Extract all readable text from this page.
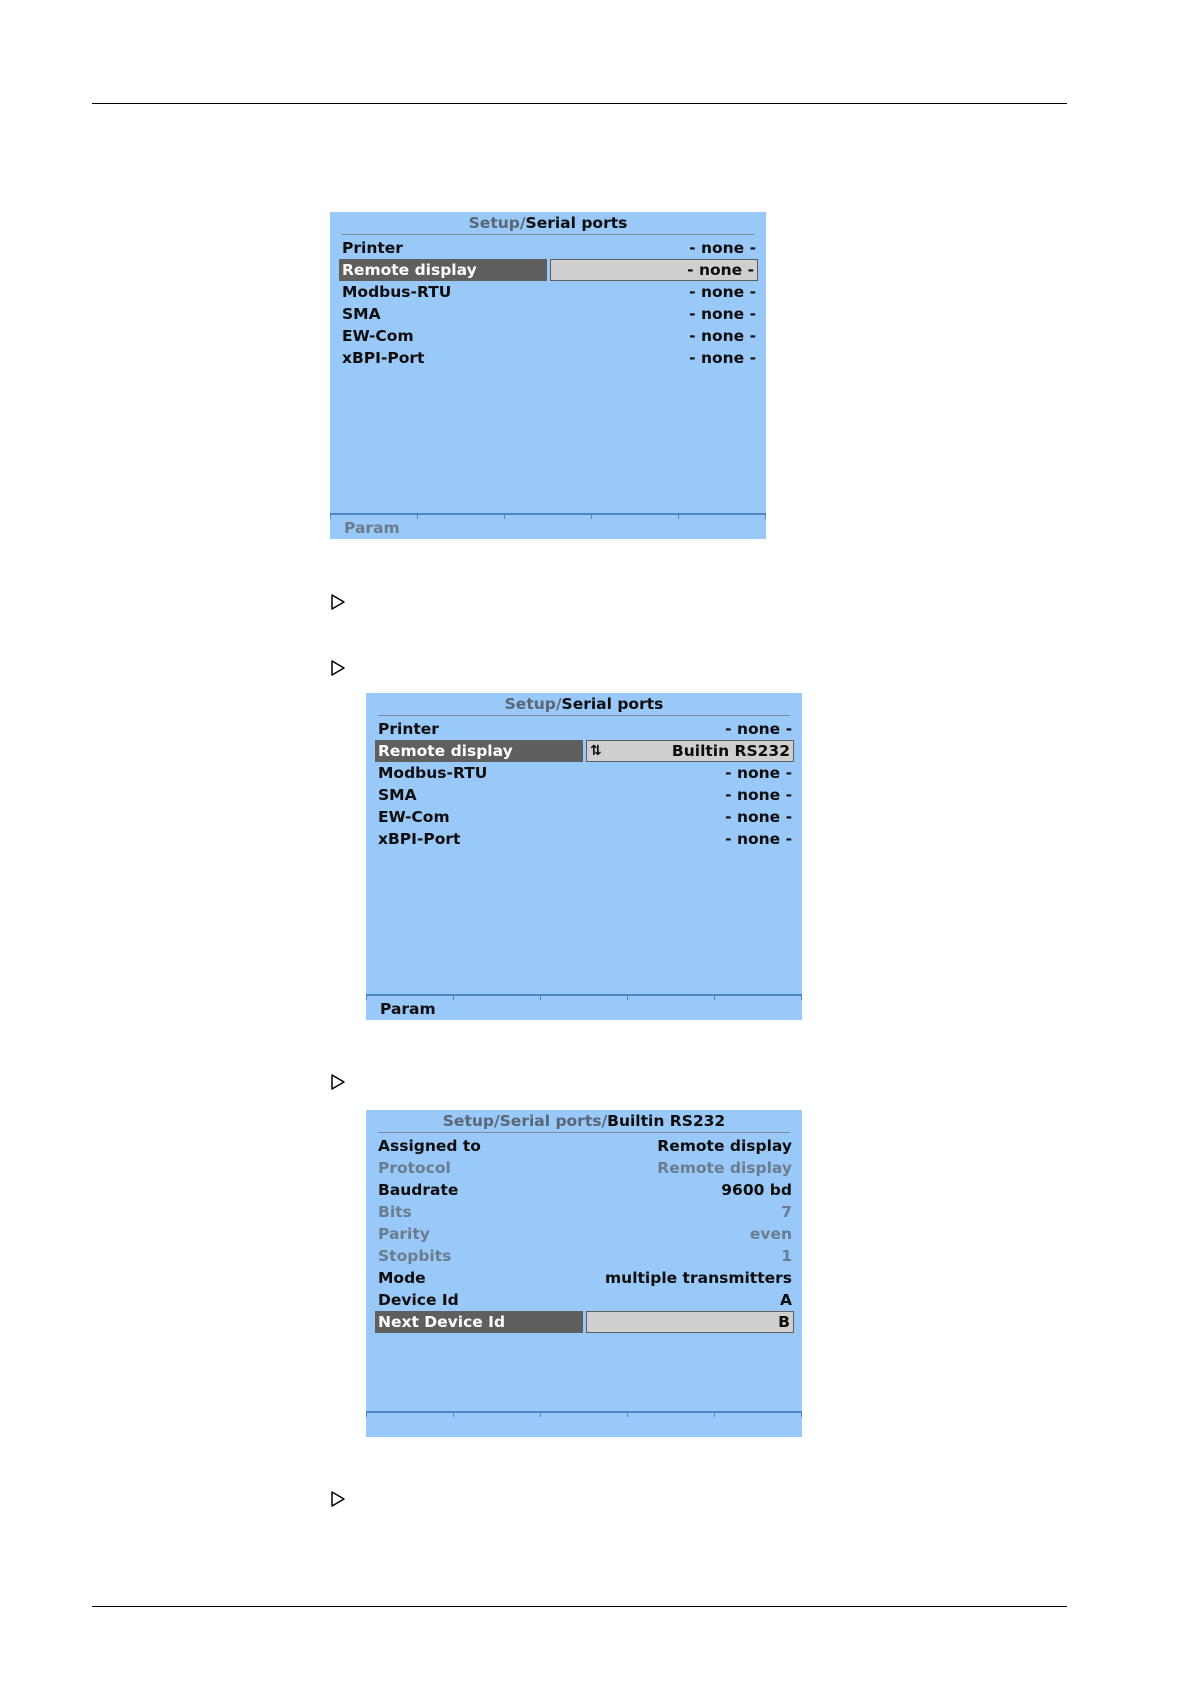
Setup/Serial ports
Printer	- none -
Remote display	- none -
Modbus-RTU	- none -
SMA	- none -
EW-Com	- none -
xBPI-Port	- none -
Param
Setup/Serial ports
Printer	- none -
Remote display	⇅	Builtin RS232
Modbus-RTU	- none -
SMA	- none -
EW-Com	- none -
xBPI-Port	- none -
Param
Setup/Serial ports/Builtin RS232
Assigned to	Remote display
Protocol	Remote display
Baudrate	9600 bd
Bits	7
Parity	even
Stopbits	1
Mode	multiple transmitters
Device Id	A
Next Device Id	B
